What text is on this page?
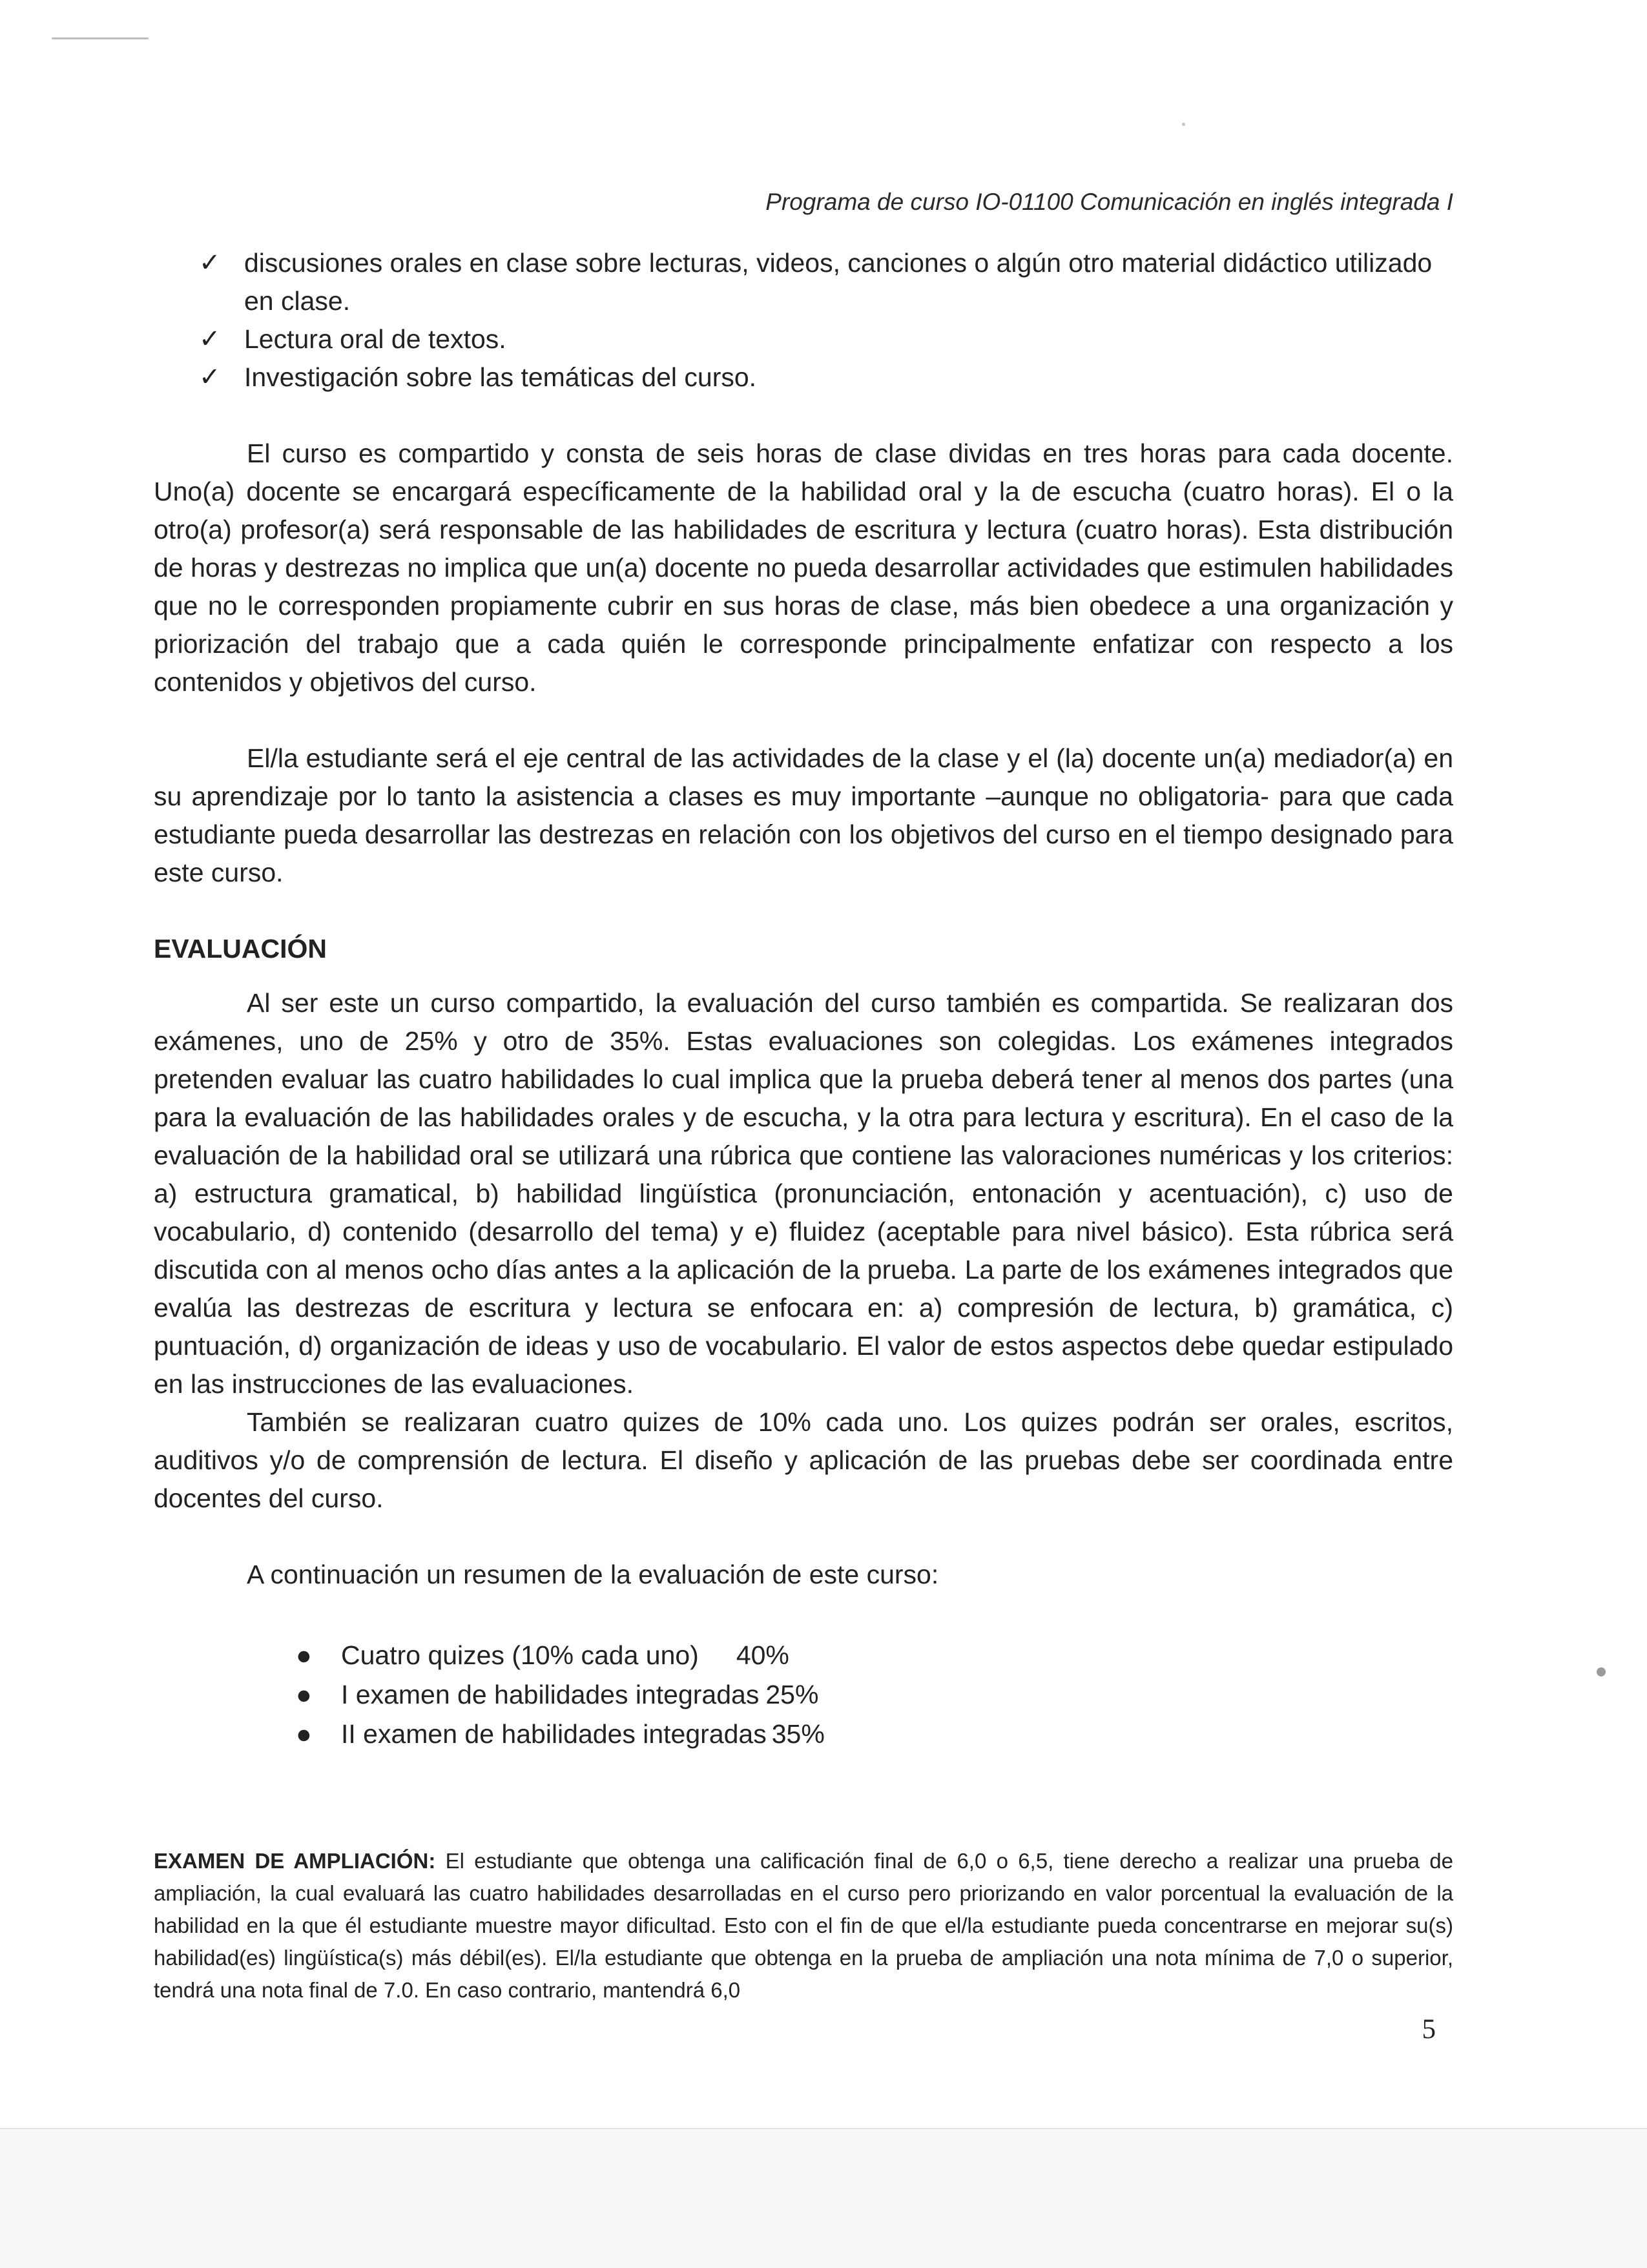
Programa de curso IO-01100 Comunicación en inglés integrada I
✓ discusiones orales en clase sobre lecturas, videos, canciones o algún otro material didáctico utilizado en clase.
✓ Lectura oral de textos.
✓ Investigación sobre las temáticas del curso.

El curso es compartido y consta de seis horas de clase dividas en tres horas para cada docente. Uno(a) docente se encargará específicamente de la habilidad oral y la de escucha (cuatro horas). El o la otro(a) profesor(a) será responsable de las habilidades de escritura y lectura (cuatro horas). Esta distribución de horas y destrezas no implica que un(a) docente no pueda desarrollar actividades que estimulen habilidades que no le corresponden propiamente cubrir en sus horas de clase, más bien obedece a una organización y priorización del trabajo que a cada quién le corresponde principalmente enfatizar con respecto a los contenidos y objetivos del curso.

El/la estudiante será el eje central de las actividades de la clase y el (la) docente un(a) mediador(a) en su aprendizaje por lo tanto la asistencia a clases es muy importante –aunque no obligatoria- para que cada estudiante pueda desarrollar las destrezas en relación con los objetivos del curso en el tiempo designado para este curso.

EVALUACIÓN

Al ser este un curso compartido, la evaluación del curso también es compartida. Se realizaran dos exámenes, uno de 25% y otro de 35%. Estas evaluaciones son colegidas. Los exámenes integrados pretenden evaluar las cuatro habilidades lo cual implica que la prueba deberá tener al menos dos partes (una para la evaluación de las habilidades orales y de escucha, y la otra para lectura y escritura). En el caso de la evaluación de la habilidad oral se utilizará una rúbrica que contiene las valoraciones numéricas y los criterios: a) estructura gramatical, b) habilidad lingüística (pronunciación, entonación y acentuación), c) uso de vocabulario, d) contenido (desarrollo del tema) y e) fluidez (aceptable para nivel básico). Esta rúbrica será discutida con al menos ocho días antes a la aplicación de la prueba. La parte de los exámenes integrados que evalúa las destrezas de escritura y lectura se enfocara en: a) compresión de lectura, b) gramática, c) puntuación, d) organización de ideas y uso de vocabulario. El valor de estos aspectos debe quedar estipulado en las instrucciones de las evaluaciones.

También se realizaran cuatro quizes de 10% cada uno. Los quizes podrán ser orales, escritos, auditivos y/o de comprensión de lectura. El diseño y aplicación de las pruebas debe ser coordinada entre docentes del curso.

A continuación un resumen de la evaluación de este curso:

● Cuatro quizes (10% cada uno) 40%
● I examen de habilidades integradas 25%
● II examen de habilidades integradas 35%

EXAMEN DE AMPLIACIÓN: El estudiante que obtenga una calificación final de 6,0 o 6,5, tiene derecho a realizar una prueba de ampliación, la cual evaluará las cuatro habilidades desarrolladas en el curso pero priorizando en valor porcentual la evaluación de la habilidad en la que él estudiante muestre mayor dificultad. Esto con el fin de que el/la estudiante pueda concentrarse en mejorar su(s) habilidad(es) lingüística(s) más débil(es). El/la estudiante que obtenga en la prueba de ampliación una nota mínima de 7,0 o superior, tendrá una nota final de 7.0. En caso contrario, mantendrá 6,0

5
